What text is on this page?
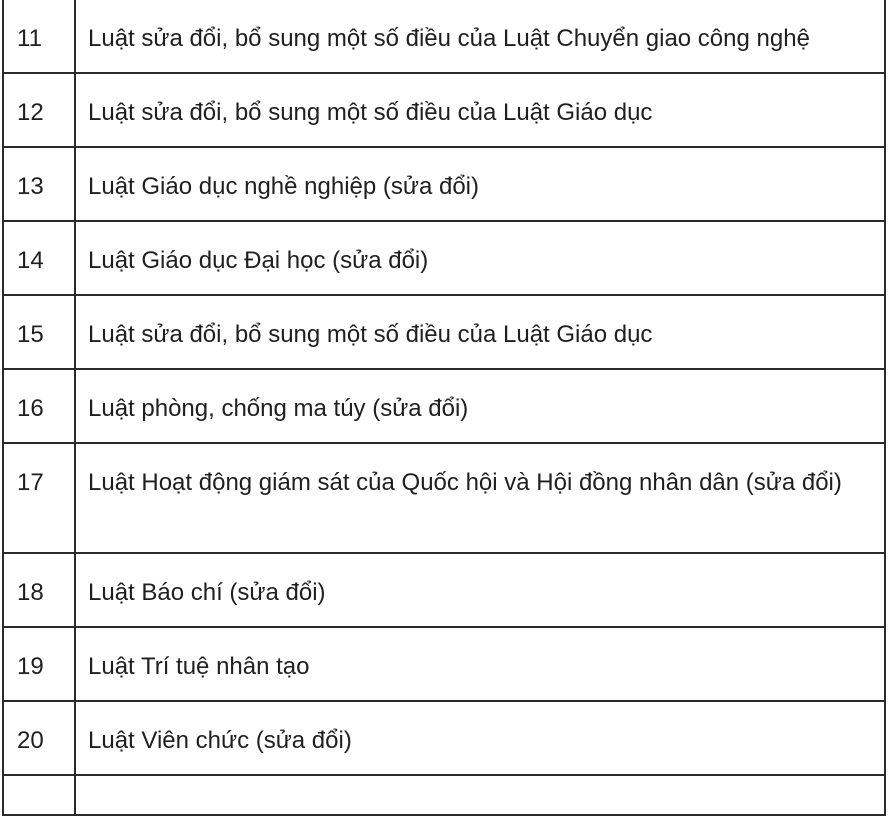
11	Luật sửa đổi, bổ sung một số điều của Luật Chuyển giao công nghệ
12	Luật sửa đổi, bổ sung một số điều của Luật Giáo dục
13	Luật Giáo dục nghề nghiệp (sửa đổi)
14	Luật Giáo dục Đại học (sửa đổi)
15	Luật sửa đổi, bổ sung một số điều của Luật Giáo dục
16	Luật phòng, chống ma túy (sửa đổi)
17	Luật Hoạt động giám sát của Quốc hội và Hội đồng nhân dân (sửa đổi)
18	Luật Báo chí (sửa đổi)
19	Luật Trí tuệ nhân tạo
20	Luật Viên chức (sửa đổi)
